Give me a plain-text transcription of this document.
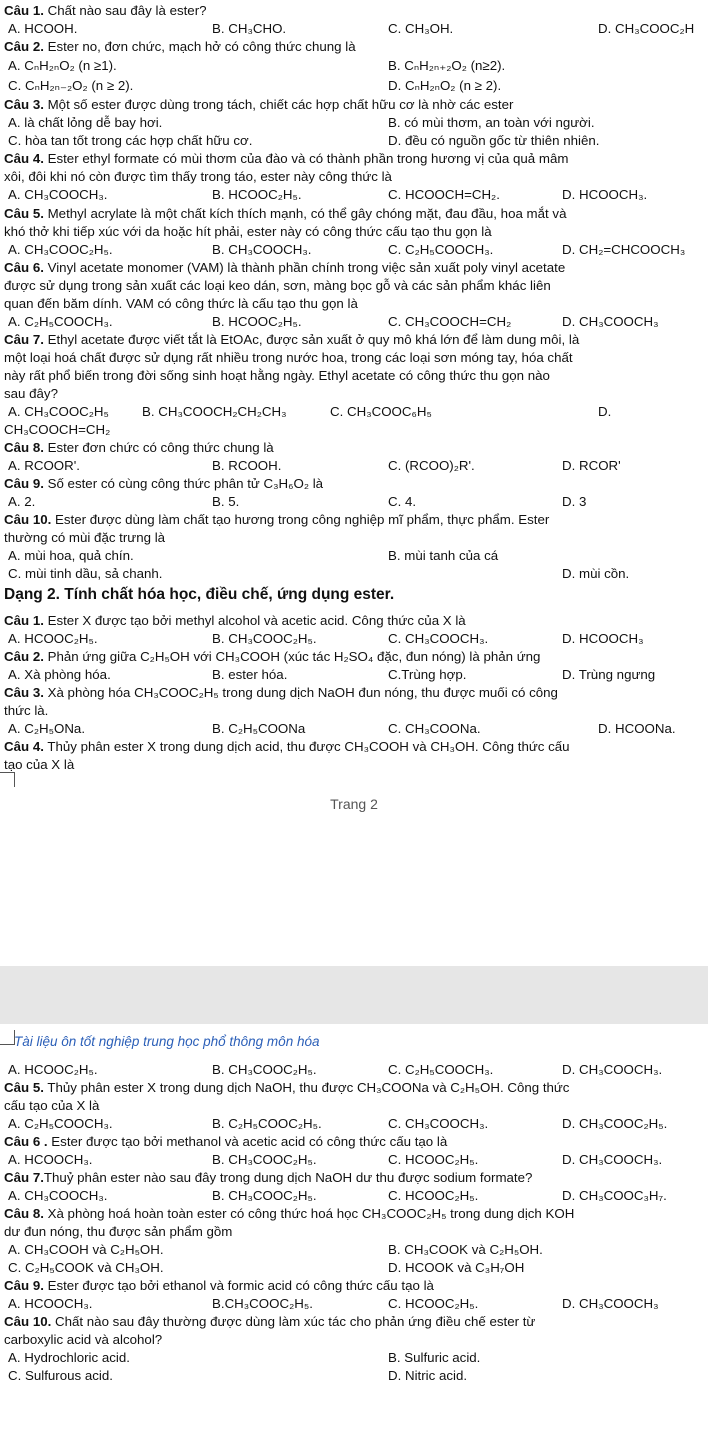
Câu 1. Chất nào sau đây là ester?
A. HCOOH.	B. CH₃CHO.	C. CH₃OH.	D. CH₃COOC₂H
Câu 2. Ester no, đơn chức, mạch hở có công thức chung là
A. CₙH₂ₙO₂ (n ≥1).	B. CₙH₂ₙ₊₂O₂ (n≥2).
C. CₙH₂ₙ₋₂O₂ (n ≥ 2).	D. CₙH₂ₙO₂ (n ≥ 2).
Câu 3. Một số ester được dùng trong tách, chiết các hợp chất hữu cơ là nhờ các ester
A. là chất lỏng dễ bay hơi.	B. có mùi thơm, an toàn với người.
C. hòa tan tốt trong các hợp chất hữu cơ.	D. đều có nguồn gốc từ thiên nhiên.
Câu 4. Ester ethyl formate có mùi thơm của đào và có thành phần trong hương vị của quả mâm
xôi, đôi khi nó còn được tìm thấy trong táo, ester này công thức là
A. CH₃COOCH₃.	B. HCOOC₂H₅.	C. HCOOCH=CH₂.	D. HCOOCH₃.
Câu 5. Methyl acrylate là một chất kích thích mạnh, có thể gây chóng mặt, đau đầu, hoa mắt và
khó thở khi tiếp xúc với da hoặc hít phải, ester này có công thức cấu tạo thu gọn là
A. CH₃COOC₂H₅.	B. CH₃COOCH₃.	C. C₂H₅COOCH₃.	D. CH₂=CHCOOCH₃
Câu 6. Vinyl acetate monomer (VAM) là thành phần chính trong việc sản xuất poly vinyl acetate
được sử dụng trong sản xuất các loại keo dán, sơn, màng bọc gỗ và các sản phẩm khác liên
quan đến băm dính. VAM có công thức là cấu tạo thu gọn là
A. C₂H₅COOCH₃.	B. HCOOC₂H₅.	C. CH₃COOCH=CH₂	D. CH₃COOCH₃
Câu 7. Ethyl acetate được viết tắt là EtOAc, được sản xuất ở quy mô khá lớn để làm dung môi, là
một loại hoá chất được sử dụng rất nhiều trong nước hoa, trong các loại sơn móng tay, hóa chất
này rất phổ biến trong đời sống sinh hoạt hằng ngày. Ethyl acetate có công thức thu gọn nào
sau đây?
A. CH₃COOC₂H₅ B. CH₃COOCH₂CH₂CH₃	C. CH₃COOC₆H₅	D.
CH₃COOCH=CH₂
Câu 8. Ester đơn chức có công thức chung là
A. RCOOR'.	B. RCOOH.	C. (RCOO)₂R'.	D. RCOR'
Câu 9. Số ester có cùng công thức phân tử C₃H₆O₂ là
A. 2.	B. 5.	C. 4.	D. 3
Câu 10. Ester được dùng làm chất tạo hương trong công nghiệp mĩ phẩm, thực phẩm. Ester
thường có mùi đặc trưng là
A. mùi hoa, quả chín.	B. mùi tanh của cá
C. mùi tinh dầu, sả chanh.	D. mùi cồn.
Dạng 2. Tính chất hóa học, điều chế, ứng dụng ester.
Câu 1. Ester X được tạo bởi methyl alcohol và acetic acid. Công thức của X là
A. HCOOC₂H₅.	B. CH₃COOC₂H₅.	C. CH₃COOCH₃.	D. HCOOCH₃
Câu 2. Phản ứng giữa C₂H₅OH với CH₃COOH (xúc tác H₂SO₄ đặc, đun nóng) là phản ứng
A. Xà phòng hóa.	B. ester hóa.	C.Trùng hợp.	D. Trùng ngưng
Câu 3. Xà phòng hóa CH₃COOC₂H₅ trong dung dịch NaOH đun nóng, thu được muối có công
thức là.
A. C₂H₅ONa.	B. C₂H₅COONa	C. CH₃COONa.	D. HCOONa.
Câu 4. Thủy phân ester X trong dung dịch acid, thu được CH₃COOH và CH₃OH. Công thức cấu
tạo của X là
Trang 2
Tài liệu ôn tốt nghiệp trung học phổ thông môn hóa
A. HCOOC₂H₅.	B. CH₃COOC₂H₅.	C. C₂H₅COOCH₃.	D. CH₃COOCH₃.
Câu 5. Thủy phân ester X trong dung dịch NaOH, thu được CH₃COONa và C₂H₅OH. Công thức
cấu tạo của X là
A. C₂H₅COOCH₃.	B. C₂H₅COOC₂H₅.	C. CH₃COOCH₃.	D. CH₃COOC₂H₅.
Câu 6 . Ester được tạo bởi methanol và acetic acid có công thức cấu tạo là
A. HCOOCH₃.	B. CH₃COOC₂H₅.	C. HCOOC₂H₅.	D. CH₃COOCH₃.
Câu 7.Thuỷ phân ester nào sau đây trong dung dịch NaOH dư thu được sodium formate?
A. CH₃COOCH₃.	B. CH₃COOC₂H₅.	C. HCOOC₂H₅.	D. CH₃COOC₃H₇.
Câu 8. Xà phòng hoá hoàn toàn ester có công thức hoá học CH₃COOC₂H₅ trong dung dịch KOH
dư đun nóng, thu được sản phẩm gồm
A. CH₃COOH và C₂H₅OH.	B. CH₃COOK và C₂H₅OH.
C. C₂H₅COOK và CH₃OH.	D. HCOOK và C₃H₇OH
Câu 9. Ester được tạo bởi ethanol và formic acid có công thức cấu tạo là
A. HCOOCH₃.	B.CH₃COOC₂H₅.	C. HCOOC₂H₅.	D. CH₃COOCH₃
Câu 10. Chất nào sau đây thường được dùng làm xúc tác cho phản ứng điều chế ester từ
carboxylic acid và alcohol?
A. Hydrochloric acid.	B. Sulfuric acid.
C. Sulfurous acid.	D. Nitric acid.
